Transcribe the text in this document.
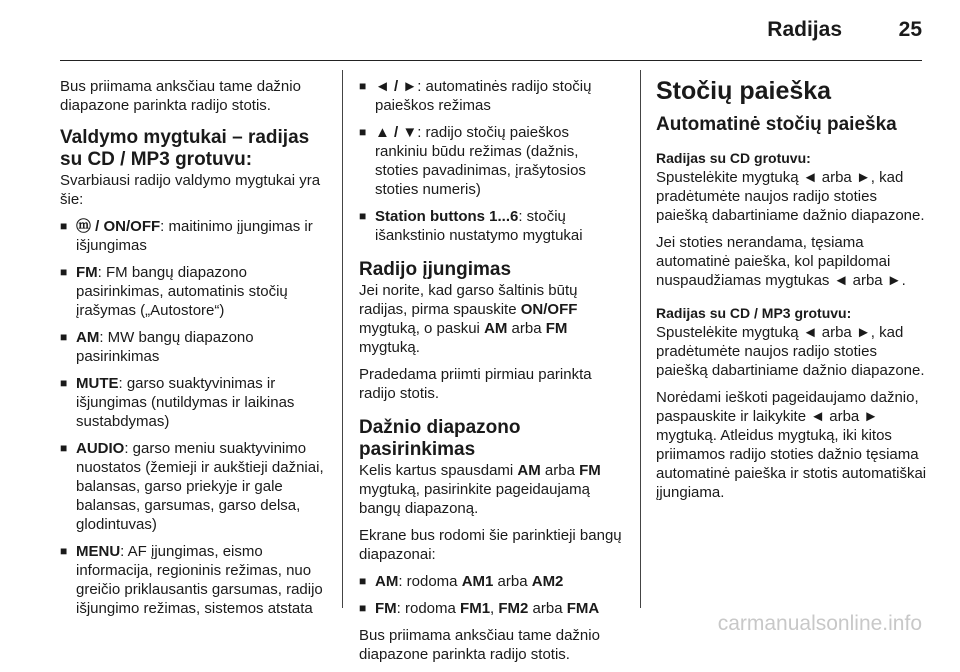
Radijas	25

Bus priimama anksčiau tame dažnio diapazone parinkta radijo stotis.

Valdymo mygtukai – radijas su CD / MP3 grotuvu:

Svarbiausi radijo valdymo mygtukai yra šie:

■ ⓜ / ON/OFF: maitinimo įjungimas ir išjungimas
■ FM: FM bangų diapazono pasirinkimas, automatinis stočių įrašymas („Autostore“)
■ AM: MW bangų diapazono pasirinkimas
■ MUTE: garso suaktyvinimas ir išjungimas (nutildymas ir laikinas sustabdymas)
■ AUDIO: garso meniu suaktyvinimo nuostatos (žemieji ir aukštieji dažniai, balansas, garso priekyje ir gale balansas, garsumas, garso delsa, glodintuvas)
■ MENU: AF įjungimas, eismo informacija, regioninis režimas, nuo greičio priklausantis garsumas, radijo išjungimo režimas, sistemos atstata
■ ◄ / ►: automatinės radijo stočių paieškos režimas
■ ▲ / ▼: radijo stočių paieškos rankiniu būdu režimas (dažnis, stoties pavadinimas, įrašytosios stoties numeris)
■ Station buttons 1...6: stočių išankstinio nustatymo mygtukai
Radijo įjungimas

Jei norite, kad garso šaltinis būtų radijas, pirma spauskite ON/OFF mygtuką, o paskui AM arba FM mygtuką.

Pradedama priimti pirmiau parinkta radijo stotis.

Dažnio diapazono pasirinkimas

Kelis kartus spausdami AM arba FM mygtuką, pasirinkite pageidaujamą bangų diapazoną.

Ekrane bus rodomi šie parinktieji bangų diapazonai:

■ AM: rodoma AM1 arba AM2
■ FM: rodoma FM1, FM2 arba FMA

Bus priimama anksčiau tame dažnio diapazone parinkta radijo stotis.

Stočių paieška
Automatinė stočių paieška

Radijas su CD grotuvu:

Spustelėkite mygtuką ◄ arba ►, kad pradėtumėte naujos radijo stoties paiešką dabartiniame dažnio diapazone.

Jei stoties nerandama, tęsiama automatinė paieška, kol papildomai nuspaudžiamas mygtukas ◄ arba ►.

Radijas su CD / MP3 grotuvu:

Spustelėkite mygtuką ◄ arba ►, kad pradėtumėte naujos radijo stoties paiešką dabartiniame dažnio diapazone.

Norėdami ieškoti pageidaujamo dažnio, paspauskite ir laikykite ◄ arba ► mygtuką. Atleidus mygtuką, iki kitos priimamos radijo stoties dažnio tęsiama automatinė paieška ir stotis automatiškai įjungiama.

carmanualsonline.info
